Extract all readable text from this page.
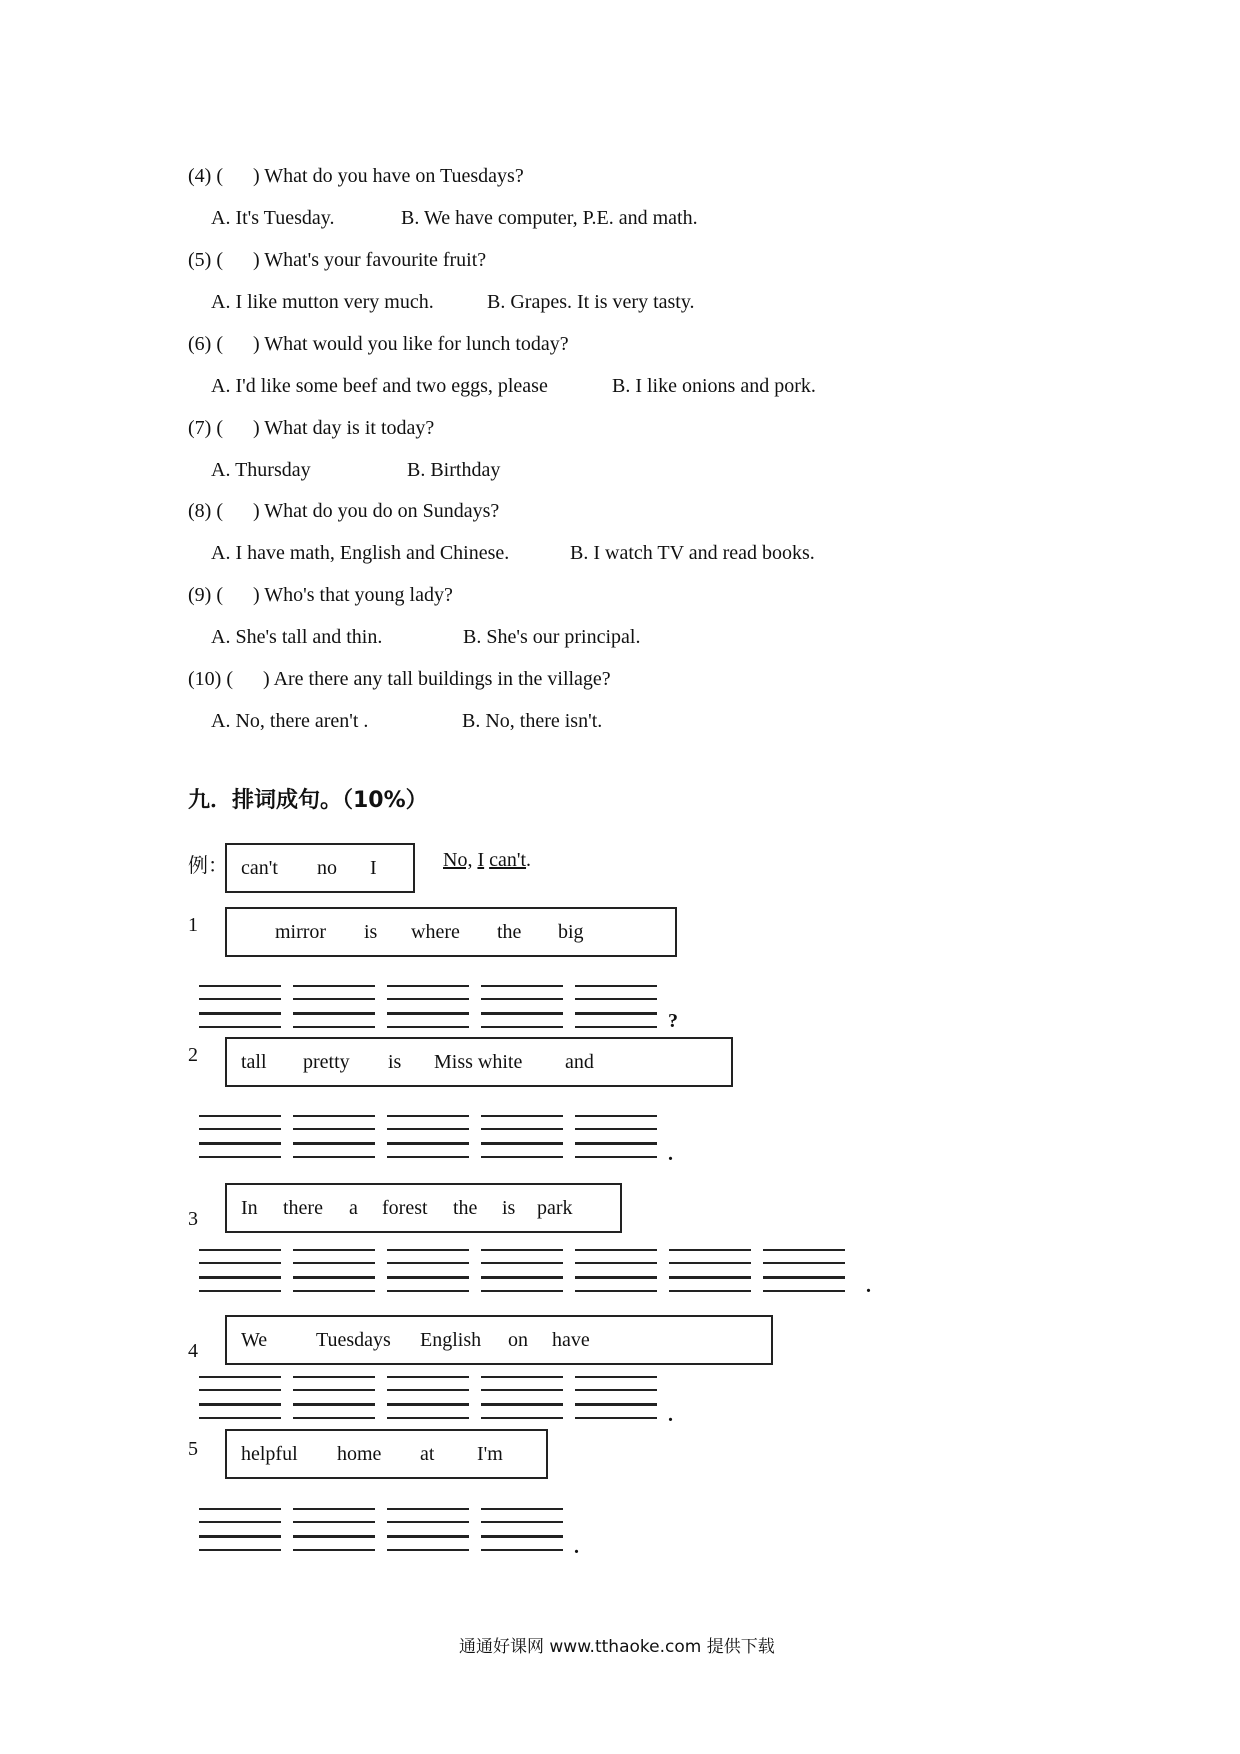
(4) ( ) What do you have on Tuesdays?
A. It's Tuesday.	B. We have computer, P.E. and math.
(5) ( ) What's your favourite fruit?
A. I like mutton very much.	B. Grapes. It is very tasty.
(6) ( ) What would you like for lunch today?
A. I'd like some beef and two eggs, please	B. I like onions and pork.
(7) ( ) What day is it today?
A. Thursday	B. Birthday
(8) ( ) What do you do on Sundays?
A. I have math, English and Chinese.	B. I watch TV and read books.
(9) ( ) Who's that young lady?
A. She's tall and thin.	B. She's our principal.
(10) ( ) Are there any tall buildings in the village?
A. No, there aren't .	B. No, there isn't.
九．排词成句。（10%）
例： can't no I	No, I can't.
1	mirror is where the big
?
2 tall pretty is Miss white and
.
3 In there a forest the is park
.
4 We Tuesdays English on have
.
5 helpful home at I'm
.
通通好课网 www.tthaoke.com 提供下载
